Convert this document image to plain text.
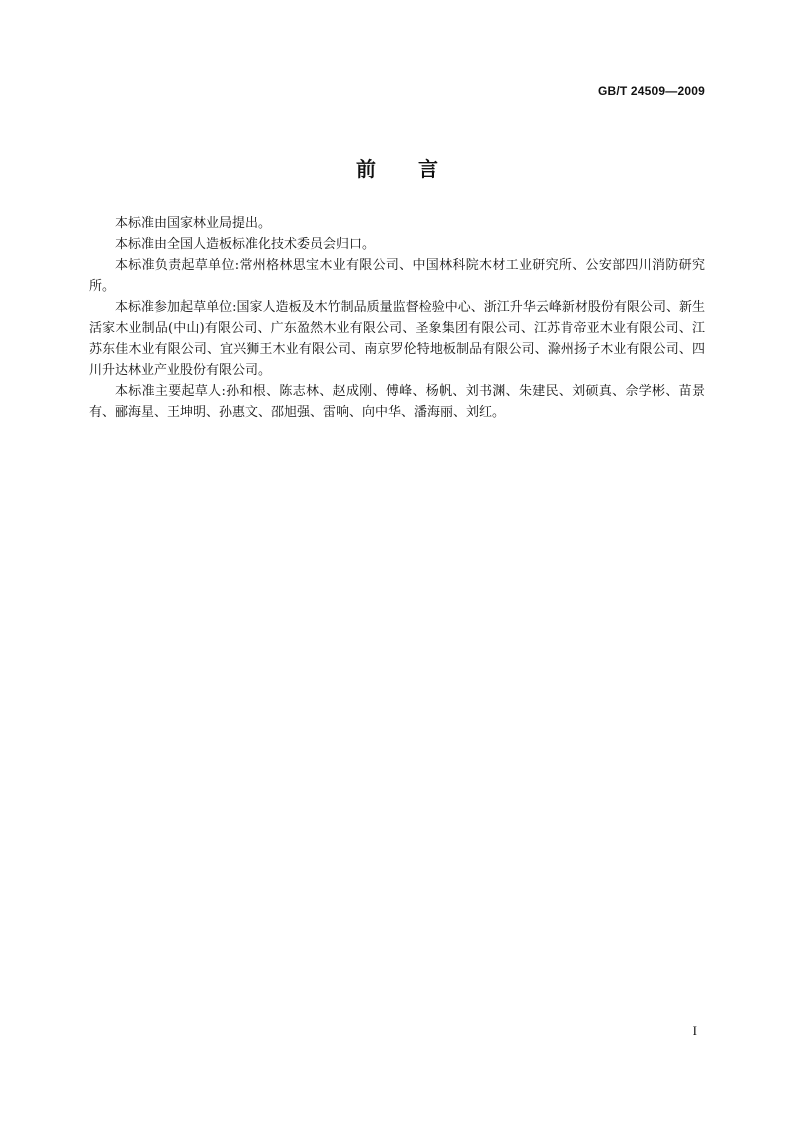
GB/T 24509—2009
前 言

本标准由国家林业局提出。

本标准由全国人造板标准化技术委员会归口。

本标准负责起草单位:常州格林思宝木业有限公司、中国林科院木材工业研究所、公安部四川消防研究所。

本标准参加起草单位:国家人造板及木竹制品质量监督检验中心、浙江升华云峰新材股份有限公司、新生活家木业制品(中山)有限公司、广东盈然木业有限公司、圣象集团有限公司、江苏肯帝亚木业有限公司、江苏东佳木业有限公司、宜兴狮王木业有限公司、南京罗伦特地板制品有限公司、滁州扬子木业有限公司、四川升达林业产业股份有限公司。

本标准主要起草人:孙和根、陈志林、赵成刚、傅峰、杨帆、刘书渊、朱建民、刘硕真、佘学彬、苗景有、郦海星、王坤明、孙惠文、邵旭强、雷响、向中华、潘海丽、刘红。

I
